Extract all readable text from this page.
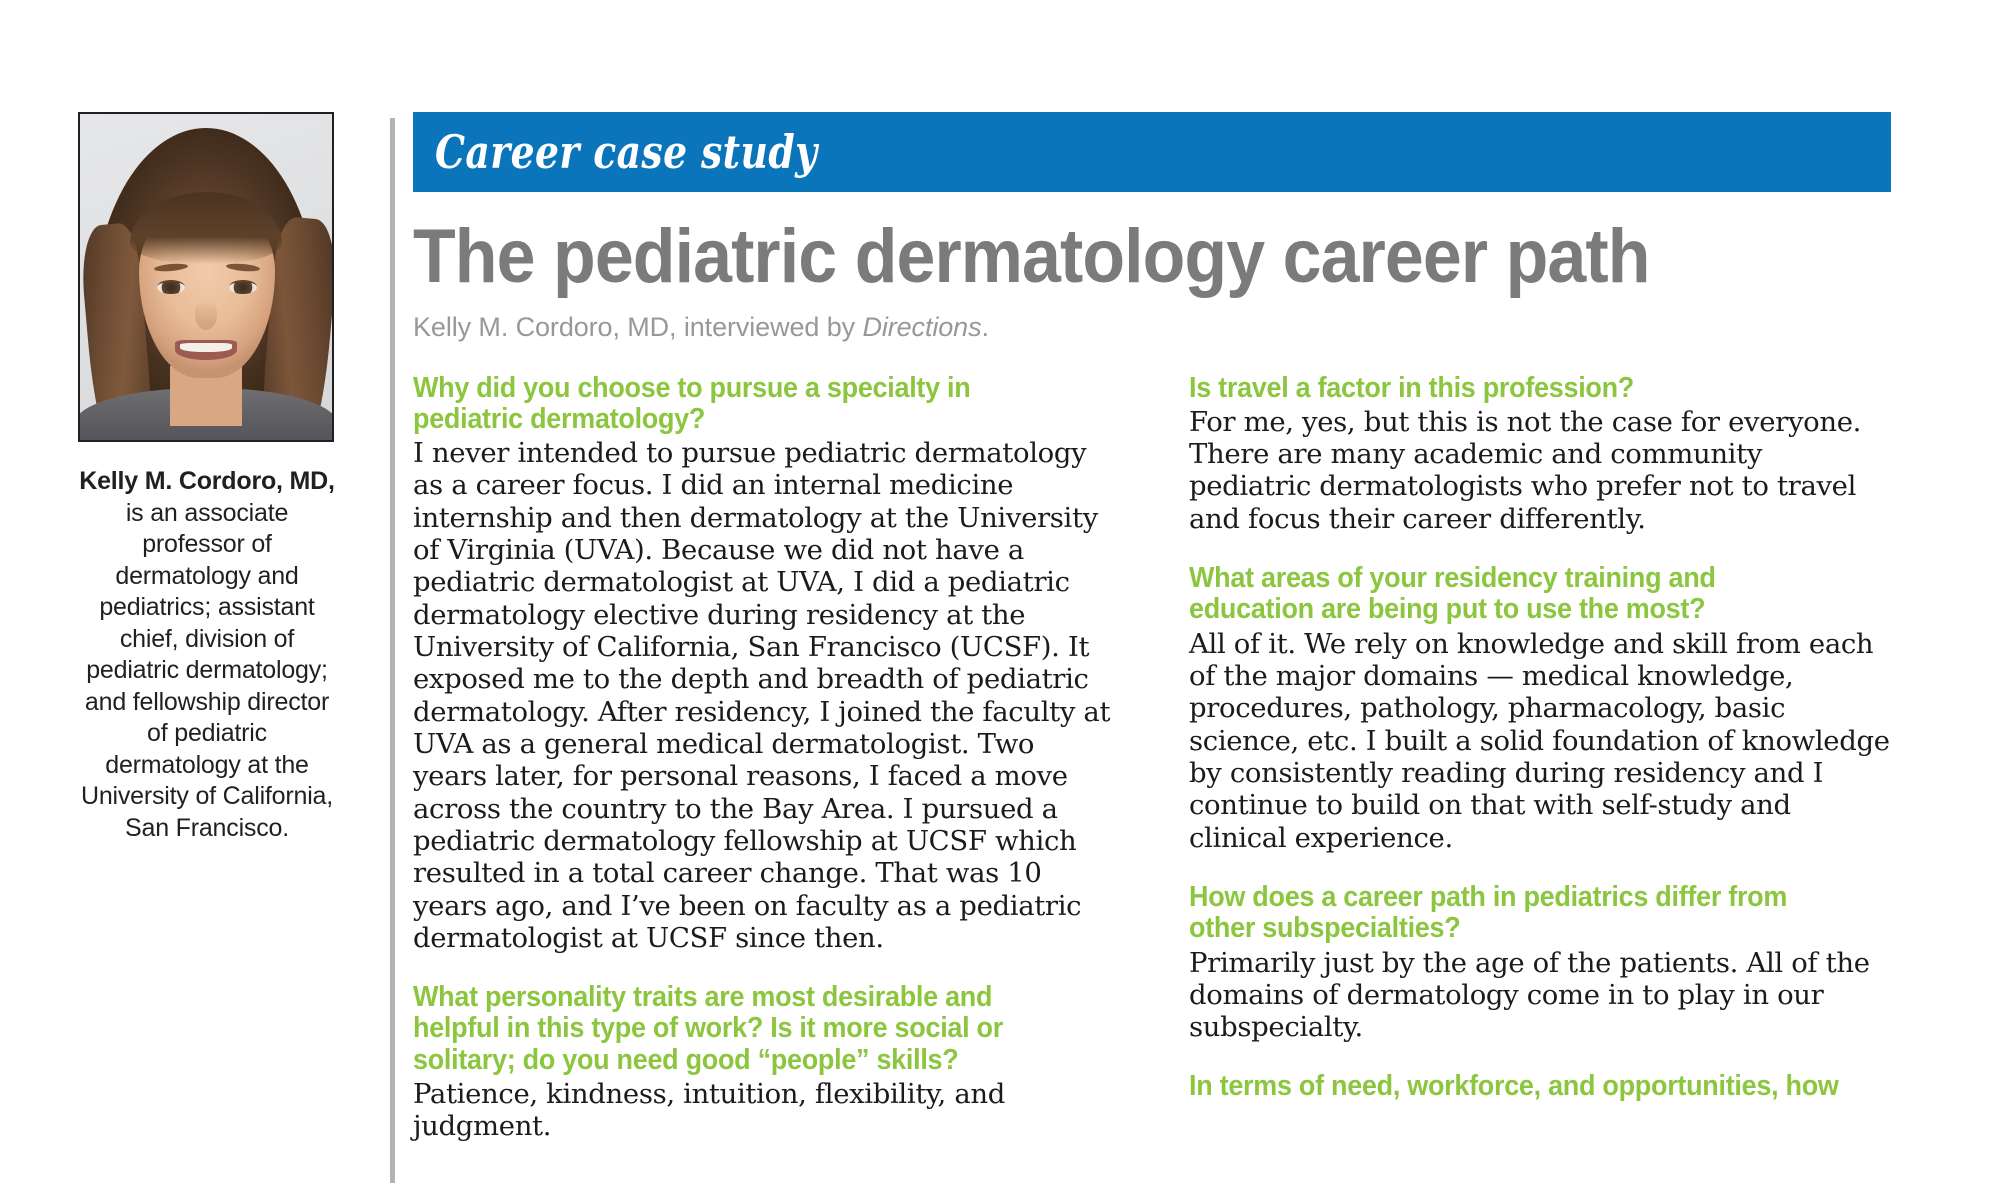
Kelly M. Cordoro, MD, is an associate professor of dermatology and pediatrics; assistant chief, division of pediatric dermatology; and fellowship director of pediatric dermatology at the University of California, San Francisco.
Career case study
The pediatric dermatology career path
Kelly M. Cordoro, MD, interviewed by Directions.
Why did you choose to pursue a specialty in pediatric dermatology?

I never intended to pursue pediatric dermatology as a career focus. I did an internal medicine internship and then dermatology at the University of Virginia (UVA). Because we did not have a pediatric dermatologist at UVA, I did a pediatric dermatology elective during residency at the University of California, San Francisco (UCSF). It exposed me to the depth and breadth of pediatric dermatology. After residency, I joined the faculty at UVA as a general medical dermatologist. Two years later, for personal reasons, I faced a move across the country to the Bay Area. I pursued a pediatric dermatology fellowship at UCSF which resulted in a total career change. That was 10 years ago, and I’ve been on faculty as a pediatric dermatologist at UCSF since then.

What personality traits are most desirable and helpful in this type of work? Is it more social or solitary; do you need good “people” skills?

Patience, kindness, intuition, flexibility, and judgment.

Is travel a factor in this profession?

For me, yes, but this is not the case for everyone. There are many academic and community pediatric dermatologists who prefer not to travel and focus their career differently.

What areas of your residency training and education are being put to use the most?

All of it. We rely on knowledge and skill from each of the major domains — medical knowledge, procedures, pathology, pharmacology, basic science, etc. I built a solid foundation of knowledge by consistently reading during residency and I continue to build on that with self-study and clinical experience.

How does a career path in pediatrics differ from other subspecialties?

Primarily just by the age of the patients. All of the domains of dermatology come in to play in our subspecialty.

In terms of need, workforce, and opportunities, how
